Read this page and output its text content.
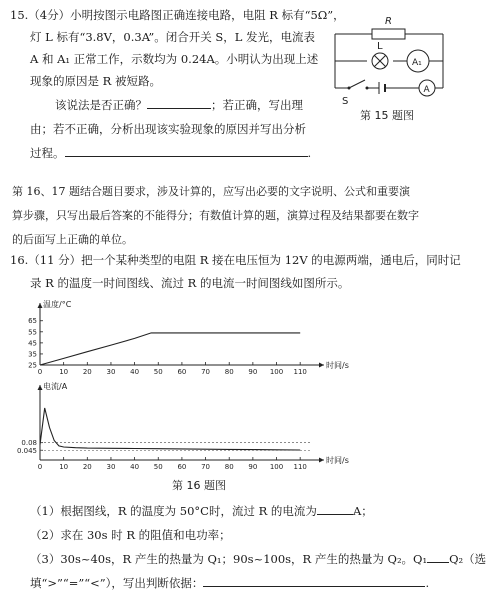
15.（4分）小明按图示电路图正确连接电路，电阻 R 标有“5Ω”，
灯 L 标有“3.8V，0.3A”。闭合开关 S，L 发光，电流表
A 和 A₁ 正常工作，示数均为 0.24A。小明认为出现上述
现象的原因是 R 被短路。
该说法是否正确？	；若正确，写出理
由；若不正确，分析出现该实验现象的原因并写出分析
过程。	.
R
L
A₁
S
A
第 15 题图
第 16、17 题结合题目要求，涉及计算的，应写出必要的文字说明、公式和重要演
算步骤，只写出最后答案的不能得分；有数值计算的题，演算过程及结果都要在数字
的后面写上正确的单位。
16.（11 分）把一个某种类型的电阻 R 接在电压恒为 12V 的电源两端，通电后，同时记
录 R 的温度一时间图线、流过 R 的电流一时间图线如图所示。
0 10 20 30 40 50 60 70 80 90 100 110
25
35
45
55
65
温度/°C
时间/s
0 10 20 30 40 50 60 70 80 90 100 110
0.045
0.08
电流/A
时间/s
第 16 题图
（1）根据图线，R 的温度为 50°C时，流过 R 的电流为	A；
（2）求在 30s 时 R 的阻值和电功率；
（3）30s~40s，R 产生的热量为 Q₁；90s~100s，R 产生的热量为 Q₂。Q₁ Q₂（选
填“>”“=”“<”），写出判断依据：	.
